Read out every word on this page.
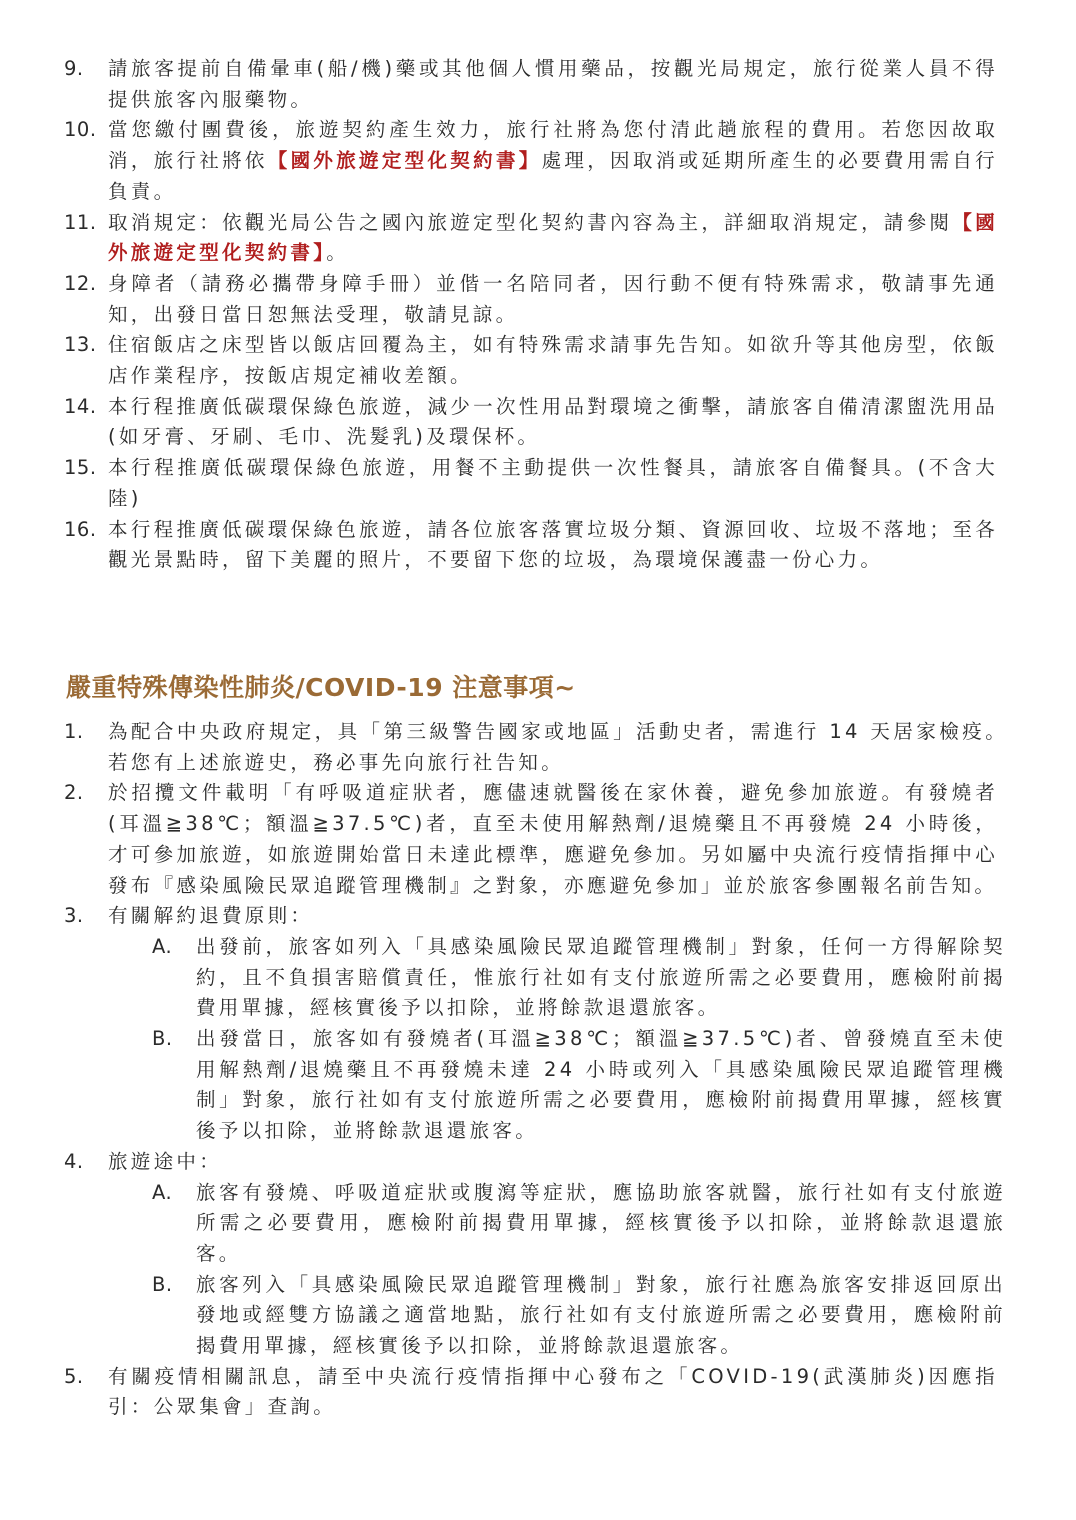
9. 請旅客提前自備暈車(船/機)藥或其他個人慣用藥品，按觀光局規定，旅行從業人員不得提供旅客內服藥物。
10. 當您繳付團費後，旅遊契約產生效力，旅行社將為您付清此趟旅程的費用。若您因故取消，旅行社將依【國外旅遊定型化契約書】處理，因取消或延期所產生的必要費用需自行負責。
11. 取消規定：依觀光局公告之國內旅遊定型化契約書內容為主，詳細取消規定，請參閱【國外旅遊定型化契約書】。
12. 身障者（請務必攜帶身障手冊）並偕一名陪同者，因行動不便有特殊需求，敬請事先通知，出發日當日恕無法受理，敬請見諒。
13. 住宿飯店之床型皆以飯店回覆為主，如有特殊需求請事先告知。如欲升等其他房型，依飯店作業程序，按飯店規定補收差額。
14. 本行程推廣低碳環保綠色旅遊，減少一次性用品對環境之衝擊，請旅客自備清潔盥洗用品(如牙膏、牙刷、毛巾、洗髮乳)及環保杯。
15. 本行程推廣低碳環保綠色旅遊，用餐不主動提供一次性餐具，請旅客自備餐具。(不含大陸)
16. 本行程推廣低碳環保綠色旅遊，請各位旅客落實垃圾分類、資源回收、垃圾不落地；至各觀光景點時，留下美麗的照片，不要留下您的垃圾，為環境保護盡一份心力。
嚴重特殊傳染性肺炎/COVID-19 注意事項~
1. 為配合中央政府規定，具「第三級警告國家或地區」活動史者，需進行 14 天居家檢疫。若您有上述旅遊史，務必事先向旅行社告知。
2. 於招攬文件載明「有呼吸道症狀者，應儘速就醫後在家休養，避免參加旅遊。有發燒者(耳溫≧38℃；額溫≧37.5℃)者，直至未使用解熱劑/退燒藥且不再發燒 24 小時後，才可參加旅遊，如旅遊開始當日未達此標準，應避免參加。另如屬中央流行疫情指揮中心發布『感染風險民眾追蹤管理機制』之對象，亦應避免參加」並於旅客參團報名前告知。
3. 有關解約退費原則：
A. 出發前，旅客如列入「具感染風險民眾追蹤管理機制」對象，任何一方得解除契約，且不負損害賠償責任，惟旅行社如有支付旅遊所需之必要費用，應檢附前揭費用單據，經核實後予以扣除，並將餘款退還旅客。
B. 出發當日，旅客如有發燒者(耳溫≧38℃；額溫≧37.5℃)者、曾發燒直至未使用解熱劑/退燒藥且不再發燒未達 24 小時或列入「具感染風險民眾追蹤管理機制」對象，旅行社如有支付旅遊所需之必要費用，應檢附前揭費用單據，經核實後予以扣除，並將餘款退還旅客。
4. 旅遊途中：
A. 旅客有發燒、呼吸道症狀或腹瀉等症狀，應協助旅客就醫，旅行社如有支付旅遊所需之必要費用，應檢附前揭費用單據，經核實後予以扣除，並將餘款退還旅客。
B. 旅客列入「具感染風險民眾追蹤管理機制」對象，旅行社應為旅客安排返回原出發地或經雙方協議之適當地點，旅行社如有支付旅遊所需之必要費用，應檢附前揭費用單據，經核實後予以扣除，並將餘款退還旅客。
5. 有關疫情相關訊息，請至中央流行疫情指揮中心發布之「COVID-19(武漢肺炎)因應指引：公眾集會」查詢。
